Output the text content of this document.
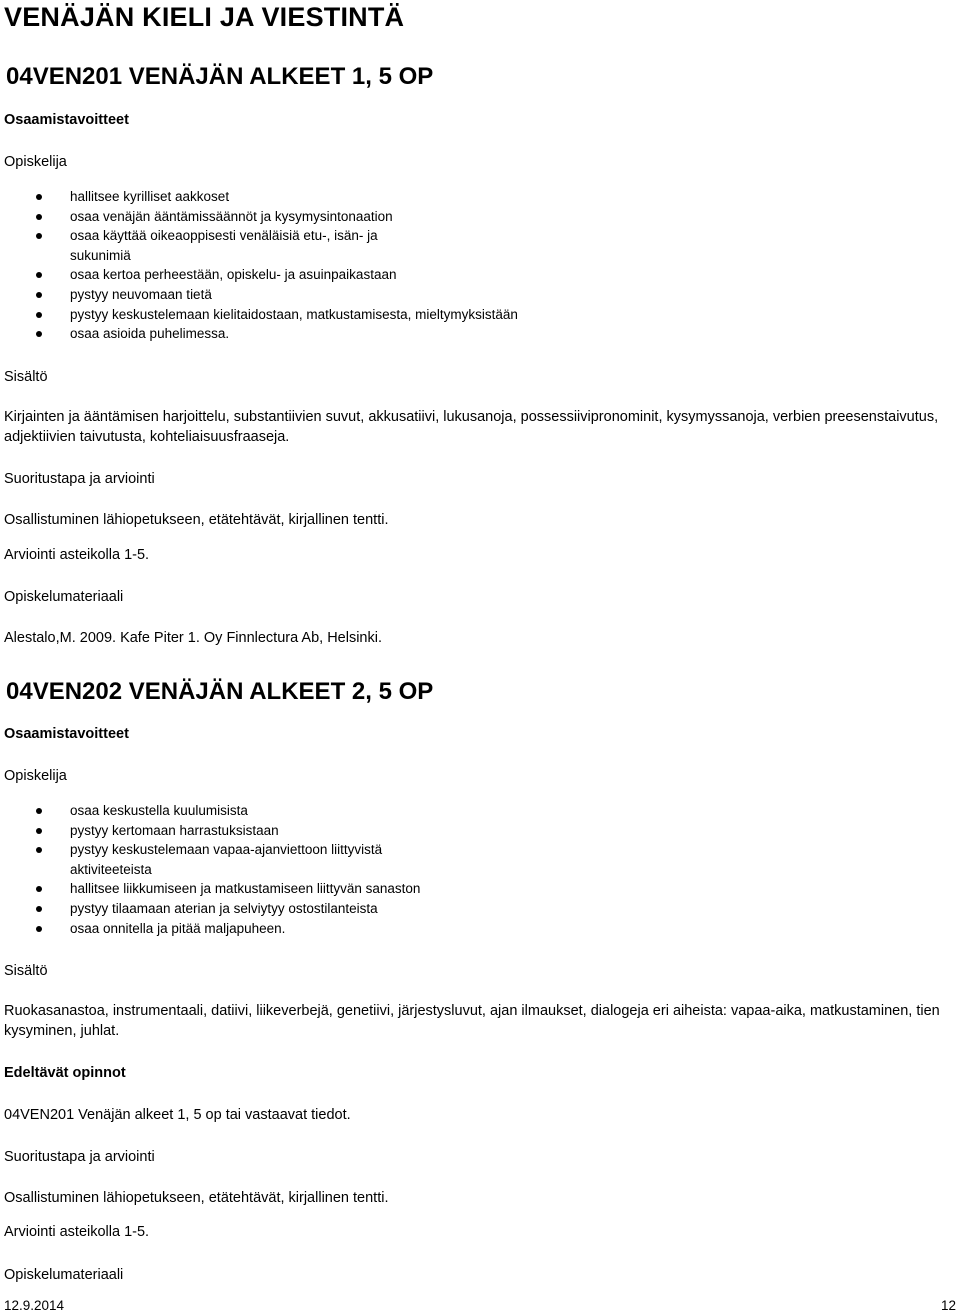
VENÄJÄN KIELI JA VIESTINTÄ
04VEN201 VENÄJÄN ALKEET 1, 5 OP
Osaamistavoitteet
Opiskelija
hallitsee kyrilliset aakkoset
osaa venäjän ääntämissäännöt ja kysymysintonaation
osaa käyttää oikeaoppisesti venäläisiä etu-, isän- ja sukunimiä
osaa kertoa perheestään, opiskelu- ja asuinpaikastaan
pystyy neuvomaan tietä
pystyy keskustelemaan kielitaidostaan, matkustamisesta, mieltymyksistään
osaa asioida puhelimessa.
Sisältö
Kirjainten ja ääntämisen harjoittelu, substantiivien suvut, akkusatiivi, lukusanoja, possessiivipronominit, kysymyssanoja, verbien preesenstaivutus, adjektiivien taivutusta, kohteliaisuusfraaseja.
Suoritustapa ja arviointi
Osallistuminen lähiopetukseen, etätehtävät, kirjallinen tentti.
Arviointi asteikolla 1-5.
Opiskelumateriaali
Alestalo,M. 2009. Kafe Piter 1. Oy Finnlectura Ab, Helsinki.
04VEN202 VENÄJÄN ALKEET 2, 5 OP
Osaamistavoitteet
Opiskelija
osaa keskustella kuulumisista
pystyy kertomaan harrastuksistaan
pystyy keskustelemaan vapaa-ajanviettoon liittyvistä aktiviteeteista
hallitsee liikkumiseen ja matkustamiseen liittyvän sanaston
pystyy tilaamaan aterian ja selviytyy ostostilanteista
osaa onnitella ja pitää maljapuheen.
Sisältö
Ruokasanastoa, instrumentaali, datiivi, liikeverbejä, genetiivi, järjestysluvut, ajan ilmaukset, dialogeja eri aiheista: vapaa-aika, matkustaminen, tien kysyminen, juhlat.
Edeltävät opinnot
04VEN201 Venäjän alkeet 1, 5 op tai vastaavat tiedot.
Suoritustapa ja arviointi
Osallistuminen lähiopetukseen, etätehtävät, kirjallinen tentti.
Arviointi asteikolla 1-5.
Opiskelumateriaali
12.9.2014	12
